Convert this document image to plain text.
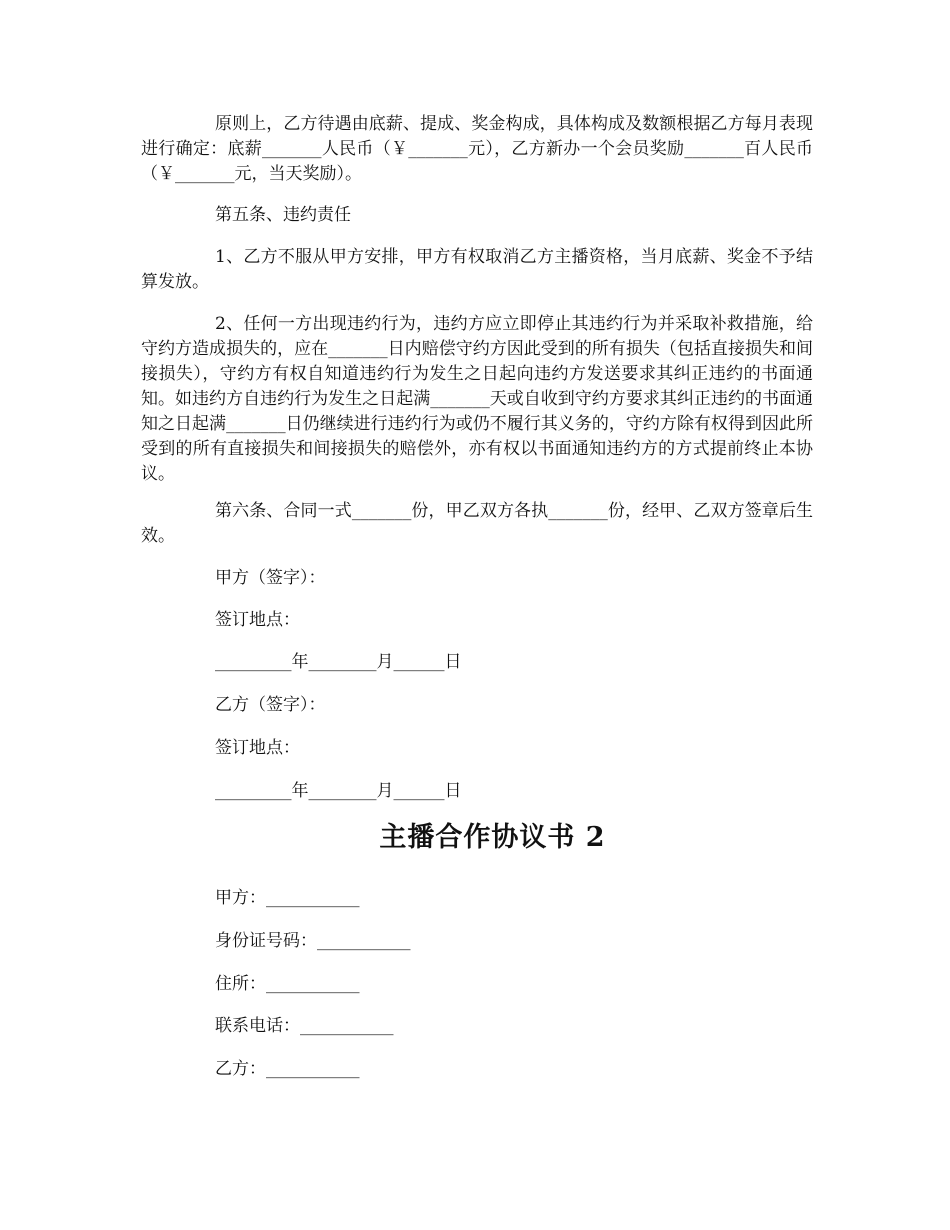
原则上，乙方待遇由底薪、提成、奖金构成，具体构成及数额根据乙方每月表现进行确定：底薪_______人民币（￥_______元），乙方新办一个会员奖励_______百人民币（￥_______元，当天奖励）。

第五条、违约责任

1、乙方不服从甲方安排，甲方有权取消乙方主播资格，当月底薪、奖金不予结算发放。

2、任何一方出现违约行为，违约方应立即停止其违约行为并采取补救措施，给守约方造成损失的，应在_______日内赔偿守约方因此受到的所有损失（包括直接损失和间接损失），守约方有权自知道违约行为发生之日起向违约方发送要求其纠正违约的书面通知。如违约方自违约行为发生之日起满_______天或自收到守约方要求其纠正违约的书面通知之日起满_______日仍继续进行违约行为或仍不履行其义务的，守约方除有权得到因此所受到的所有直接损失和间接损失的赔偿外，亦有权以书面通知违约方的方式提前终止本协议。

第六条、合同一式_______份，甲乙双方各执_______份，经甲、乙双方签章后生效。

甲方（签字）：

签订地点：

_________年________月______日

乙方（签字）：

签订地点：

_________年________月______日

主播合作协议书 2

甲方：___________

身份证号码：___________

住所：___________

联系电话：___________

乙方：___________
